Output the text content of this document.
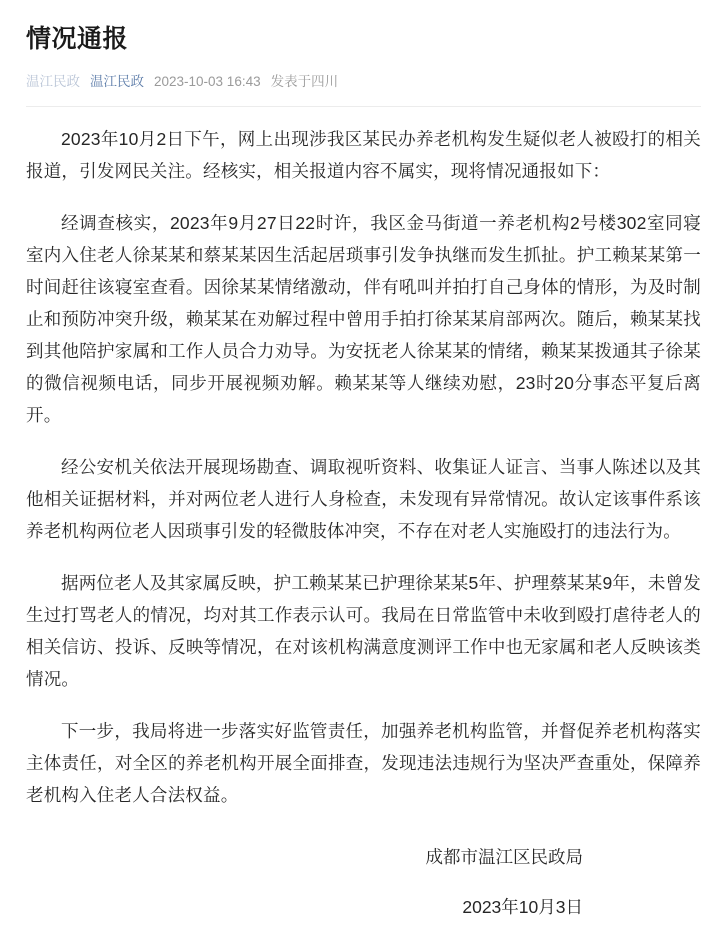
情况通报
温江民政 温江民政 2023-10-03 16:43 发表于四川

2023年10月2日下午，网上出现涉我区某民办养老机构发生疑似老人被殴打的相关报道，引发网民关注。经核实，相关报道内容不属实，现将情况通报如下：

经调查核实，2023年9月27日22时许，我区金马街道一养老机构2号楼302室同寝室内入住老人徐某某和蔡某某因生活起居琐事引发争执继而发生抓扯。护工赖某某第一时间赶往该寝室查看。因徐某某情绪激动，伴有吼叫并拍打自己身体的情形，为及时制止和预防冲突升级，赖某某在劝解过程中曾用手拍打徐某某肩部两次。随后，赖某某找到其他陪护家属和工作人员合力劝导。为安抚老人徐某某的情绪，赖某某拨通其子徐某的微信视频电话，同步开展视频劝解。赖某某等人继续劝慰，23时20分事态平复后离开。

经公安机关依法开展现场勘查、调取视听资料、收集证人证言、当事人陈述以及其他相关证据材料，并对两位老人进行人身检查，未发现有异常情况。故认定该事件系该养老机构两位老人因琐事引发的轻微肢体冲突，不存在对老人实施殴打的违法行为。

据两位老人及其家属反映，护工赖某某已护理徐某某5年、护理蔡某某9年，未曾发生过打骂老人的情况，均对其工作表示认可。我局在日常监管中未收到殴打虐待老人的相关信访、投诉、反映等情况，在对该机构满意度测评工作中也无家属和老人反映该类情况。

下一步，我局将进一步落实好监管责任，加强养老机构监管，并督促养老机构落实主体责任，对全区的养老机构开展全面排查，发现违法违规行为坚决严查重处，保障养老机构入住老人合法权益。

成都市温江区民政局
2023年10月3日
